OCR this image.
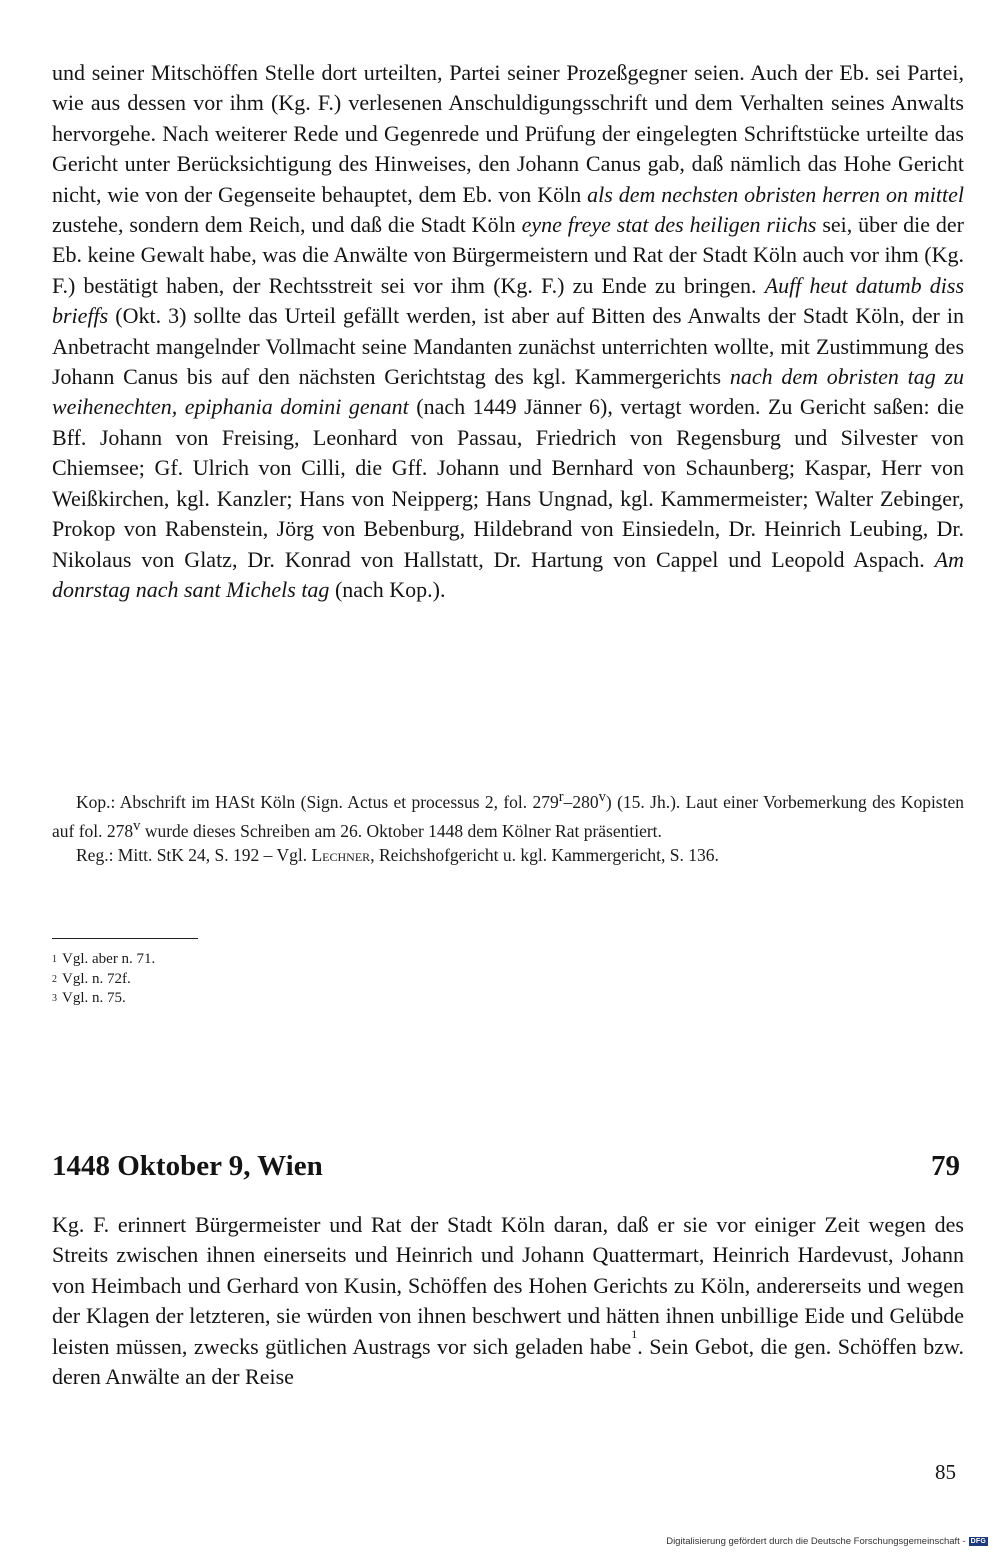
und seiner Mitschöffen Stelle dort urteilten, Partei seiner Prozeßgegner seien. Auch der Eb. sei Partei, wie aus dessen vor ihm (Kg. F.) verlesenen Anschuldigungsschrift und dem Verhalten seines Anwalts hervorgehe. Nach weiterer Rede und Gegenrede und Prüfung der eingelegten Schriftstücke urteilte das Gericht unter Berücksichtigung des Hinweises, den Johann Canus gab, daß nämlich das Hohe Gericht nicht, wie von der Gegenseite behauptet, dem Eb. von Köln als dem nechsten obristen herren on mittel zustehe, sondern dem Reich, und daß die Stadt Köln eyne freye stat des heiligen riichs sei, über die der Eb. keine Gewalt habe, was die Anwälte von Bürgermeistern und Rat der Stadt Köln auch vor ihm (Kg. F.) bestätigt haben, der Rechtsstreit sei vor ihm (Kg. F.) zu Ende zu bringen. Auff heut datumb diss brieffs (Okt. 3) sollte das Urteil gefällt werden, ist aber auf Bitten des Anwalts der Stadt Köln, der in Anbetracht mangelnder Vollmacht seine Mandanten zunächst unterrichten wollte, mit Zustimmung des Johann Canus bis auf den nächsten Gerichtstag des kgl. Kammergerichts nach dem obristen tag zu weihenechten, epiphania domini genant (nach 1449 Jänner 6), vertagt worden. Zu Gericht saßen: die Bff. Johann von Freising, Leonhard von Passau, Friedrich von Regensburg und Silvester von Chiemsee; Gf. Ulrich von Cilli, die Gff. Johann und Bernhard von Schaunberg; Kaspar, Herr von Weißkirchen, kgl. Kanzler; Hans von Neipperg; Hans Ungnad, kgl. Kammermeister; Walter Zebinger, Prokop von Rabenstein, Jörg von Bebenburg, Hildebrand von Einsiedeln, Dr. Heinrich Leubing, Dr. Nikolaus von Glatz, Dr. Konrad von Hallstatt, Dr. Hartung von Cappel und Leopold Aspach. Am donrstag nach sant Michels tag (nach Kop.).

Kop.: Abschrift im HASt Köln (Sign. Actus et processus 2, fol. 279$^r$–280$^v$) (15. Jh.). Laut einer Vorbemerkung des Kopisten auf fol. 278$^v$ wurde dieses Schreiben am 26. Oktober 1448 dem Kölner Rat präsentiert.

Reg.: Mitt. StK 24, S. 192 – Vgl. Lechner, Reichshofgericht u. kgl. Kammergericht, S. 136.

$^1$ Vgl. aber n. 71.
$^2$ Vgl. n. 72f.
$^3$ Vgl. n. 75.
1448 Oktober 9, Wien	79

Kg. F. erinnert Bürgermeister und Rat der Stadt Köln daran, daß er sie vor einiger Zeit wegen des Streits zwischen ihnen einerseits und Heinrich und Johann Quattermart, Heinrich Hardevust, Johann von Heimbach und Gerhard von Kusin, Schöffen des Hohen Gerichts zu Köln, andererseits und wegen der Klagen der letzteren, sie würden von ihnen beschwert und hätten ihnen unbillige Eide und Gelübde leisten müssen, zwecks gütlichen Austrags vor sich geladen habe$^1$. Sein Gebot, die gen. Schöffen bzw. deren Anwälte an der Reise

85
Digitalisierung gefördert durch die Deutsche Forschungsgemeinschaft - DFG
